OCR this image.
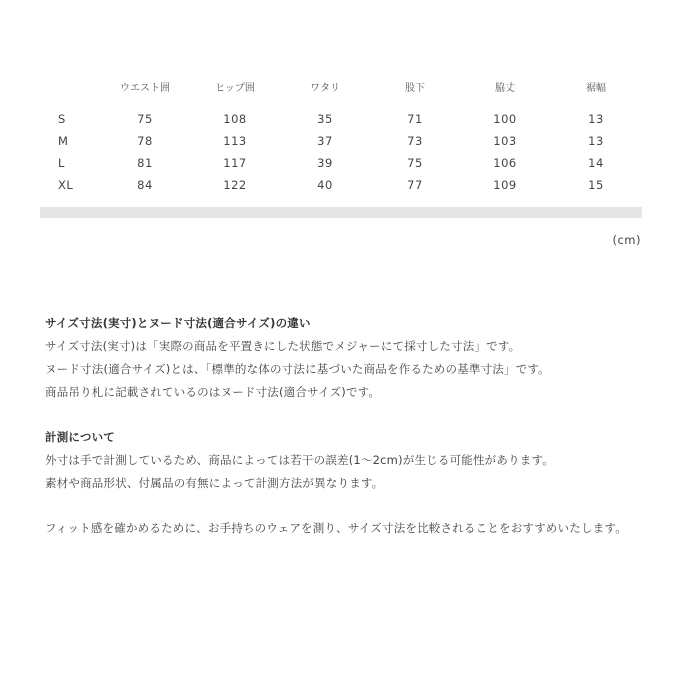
	ウエスト囲	ヒップ囲	ワタリ	股下	脇丈	裾幅
S	75	108	35	71	100	13
M	78	113	37	73	103	13
L	81	117	39	75	106	14
XL	84	122	40	77	109	15
(cm)
サイズ寸法(実寸)とヌード寸法(適合サイズ)の違い
サイズ寸法(実寸)は「実際の商品を平置きにした状態でメジャーにて採寸した寸法」です。
ヌード寸法(適合サイズ)とは、「標準的な体の寸法に基づいた商品を作るための基準寸法」です。
商品吊り札に記載されているのはヌード寸法(適合サイズ)です。
計測について
外寸は手で計測しているため、商品によっては若干の誤差(1〜2cm)が生じる可能性があります。
素材や商品形状、付属品の有無によって計測方法が異なります。
フィット感を確かめるために、お手持ちのウェアを測り、サイズ寸法を比較されることをおすすめいたします。
